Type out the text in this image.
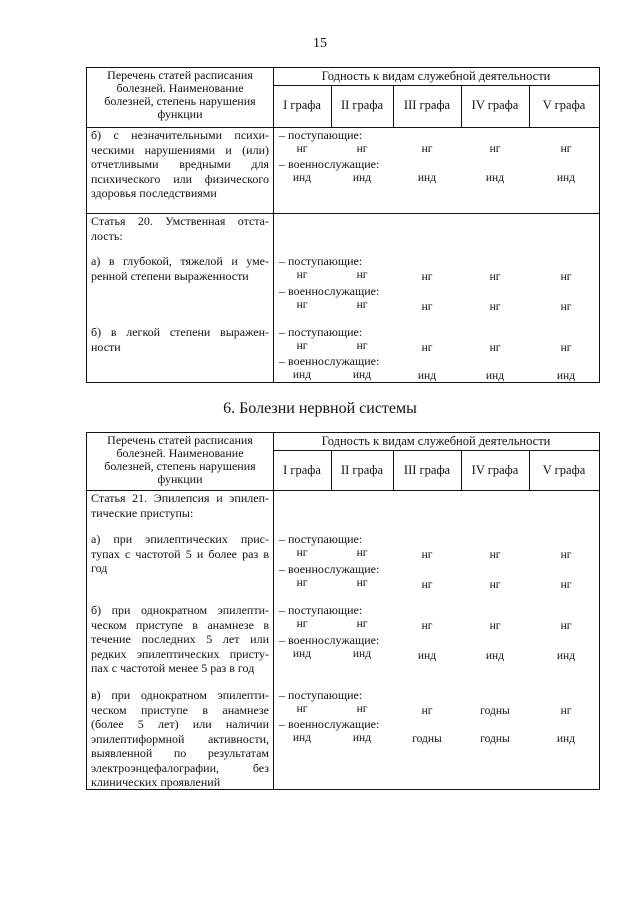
15
Перечень статей расписания
болезней. Наименование
болезней, степень нарушения
функции
Годность к видам служебной деятельности
I графа	II графа	III графа	IV графа	V графа
б) с незначительными психи-
ческими нарушениями и (или)
отчетливыми вредными для
психического или физического
здоровья последствиями
– поступающие:
нг	нг	нг	нг	нг
– военнослужащие:
инд	инд	инд	инд	инд
Статья 20. Умственная отста-
лость:
а) в глубокой, тяжелой и уме-
ренной степени выраженности
– поступающие:
нг	нг	нг	нг	нг
– военнослужащие:
нг	нг	нг	нг	нг
б) в легкой степени выражен-
ности
– поступающие:
нг	нг	нг	нг	нг
– военнослужащие:
инд	инд	инд	инд	инд
6. Болезни нервной системы
Перечень статей расписания
болезней. Наименование
болезней, степень нарушения
функции
Годность к видам служебной деятельности
I графа	II графа	III графа	IV графа	V графа
Статья 21. Эпилепсия и эпилеп-
тические приступы:
а) при эпилептических прис-
тупах с частотой 5 и более раз в
год
– поступающие:
нг	нг	нг	нг	нг
– военнослужащие:
нг	нг	нг	нг	нг
б) при однократном эпилепти-
ческом приступе в анамнезе в
течение последних 5 лет или
редких эпилептических присту-
пах с частотой менее 5 раз в год
– поступающие:
нг	нг	нг	нг	нг
– военнослужащие:
инд	инд	инд	инд	инд
в) при однократном эпилепти-
ческом приступе в анамнезе
(более 5 лет) или наличии
эпилептиформной активности,
выявленной по результатам
электроэнцефалографии, без
клинических проявлений
– поступающие:
нг	нг	нг	годны	нг
– военнослужащие:
инд	инд	годны	годны	инд
